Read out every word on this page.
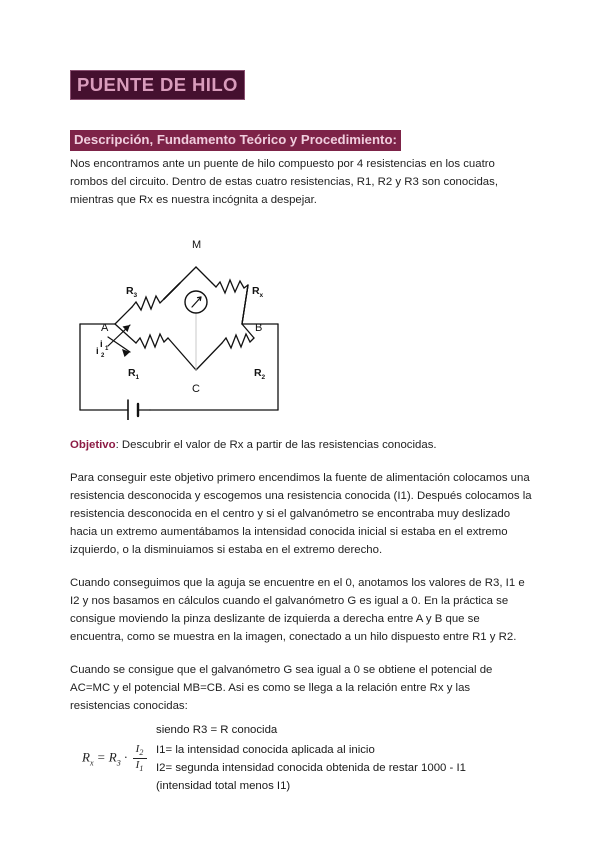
PUENTE DE HILO
Descripción, Fundamento Teórico y Procedimiento:

Nos encontramos ante un puente de hilo compuesto por 4 resistencias en los cuatro rombos del circuito. Dentro de estas cuatro resistencias, R1, R2 y R3 son conocidas, mientras que Rx es nuestra incógnita a despejar.

M
A	B
C
R 3	R x
R 1	R 2
i 2
i 1

Objetivo: Descubrir el valor de Rx a partir de las resistencias conocidas.

Para conseguir este objetivo primero encendimos la fuente de alimentación colocamos una resistencia desconocida y escogemos una resistencia conocida (I1). Después colocamos la resistencia desconocida en el centro y si el galvanómetro se encontraba muy deslizado hacia un extremo aumentábamos la intensidad conocida inicial si estaba en el extremo izquierdo, o la disminuiamos si estaba en el extremo derecho.

Cuando conseguimos que la aguja se encuentre en el 0, anotamos los valores de R3, I1 e I2 y nos basamos en cálculos cuando el galvanómetro G es igual a 0. En la práctica se consigue moviendo la pinza deslizante de izquierda a derecha entre A y B que se encuentra, como se muestra en la imagen, conectado a un hilo dispuesto entre R1 y R2.

Cuando se consigue que el galvanómetro G sea igual a 0 se obtiene el potencial de AC=MC y el potencial MB=CB. Asi es como se llega a la relación entre Rx y las resistencias conocidas:

siendo R3 = R conocida
$R_x = R_3 \cdot \frac{I_2}{I_1} I1=$ la intensidad conocida aplicada al inicio
I2= segunda intensidad conocida obtenida de restar 1000 - I1
(intensidad total menos I1)
